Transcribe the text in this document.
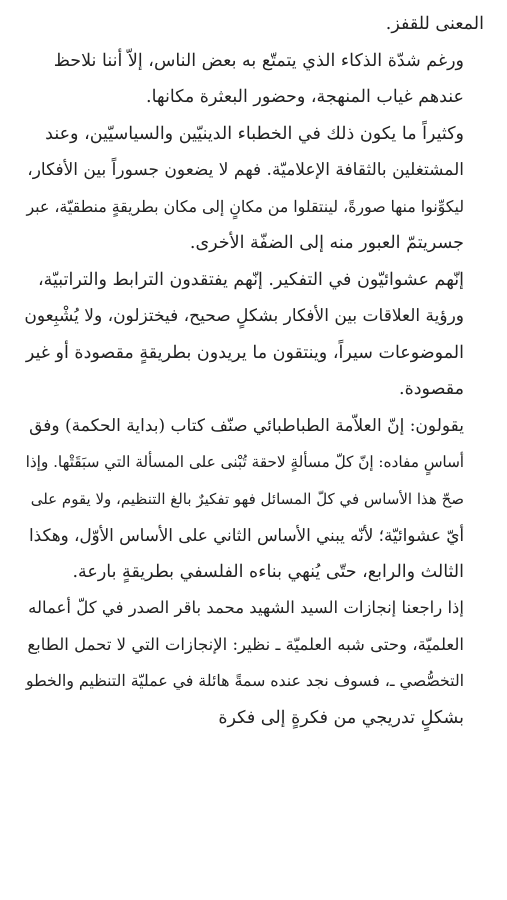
المعنى للقفز.

ورغم شدّة الذكاء الذي يتمتّع به بعض الناس، إلاّ أننا نلاحظ
عندهم غياب المنهجة، وحضور البعثرة مكانها.

وكثيراً ما يكون ذلك في الخطباء الدينيّين والسياسيّين، وعند
المشتغلين بالثقافة الإعلاميّة. فهم لا يضعون جسوراً بين الأفكار،
ليكوِّنوا منها صورةً، لينتقلوا من مكانٍ إلى مكان بطريقةٍ منطقيّة، عبر
جسريتمّ العبور منه إلى الضفّة الأخرى.

إنّهم عشوائيّون في التفكير. إنّهم يفتقدون الترابط والتراتبيّة،
ورؤية العلاقات بين الأفكار بشكلٍ صحيح، فيختزلون، ولا يُشْبِعون
الموضوعات سيراً، وينتقون ما يريدون بطريقةٍ مقصودة أو غير
مقصودة.

يقولون: إنّ العلاّمة الطباطبائي صنّف كتاب (بداية الحكمة) وفق
أساسٍ مفاده: إنّ كلّ مسألةٍ لاحقة تُبْنى على المسألة التي سبَقَتْها. وإذا
صحّ هذا الأساس في كلّ المسائل فهو تفكيرٌ بالغ التنظيم، ولا يقوم على
أيّ عشوائيّة؛ لأنّه يبني الأساس الثاني على الأساس الأوّل، وهكذا
الثالث والرابع، حتّى يُنهي بناءه الفلسفي بطريقةٍ بارعة.

إذا راجعنا إنجازات السيد الشهيد محمد باقر الصدر في كلّ أعماله
العلميّة، وحتى شبه العلميّة ـ نظير: الإنجازات التي لا تحمل الطابع
التخصُّصي ـ، فسوف نجد عنده سمةً هائلة في عمليّة التنظيم والخطو
بشكلٍ تدريجي من فكرةٍ إلى فكرة
